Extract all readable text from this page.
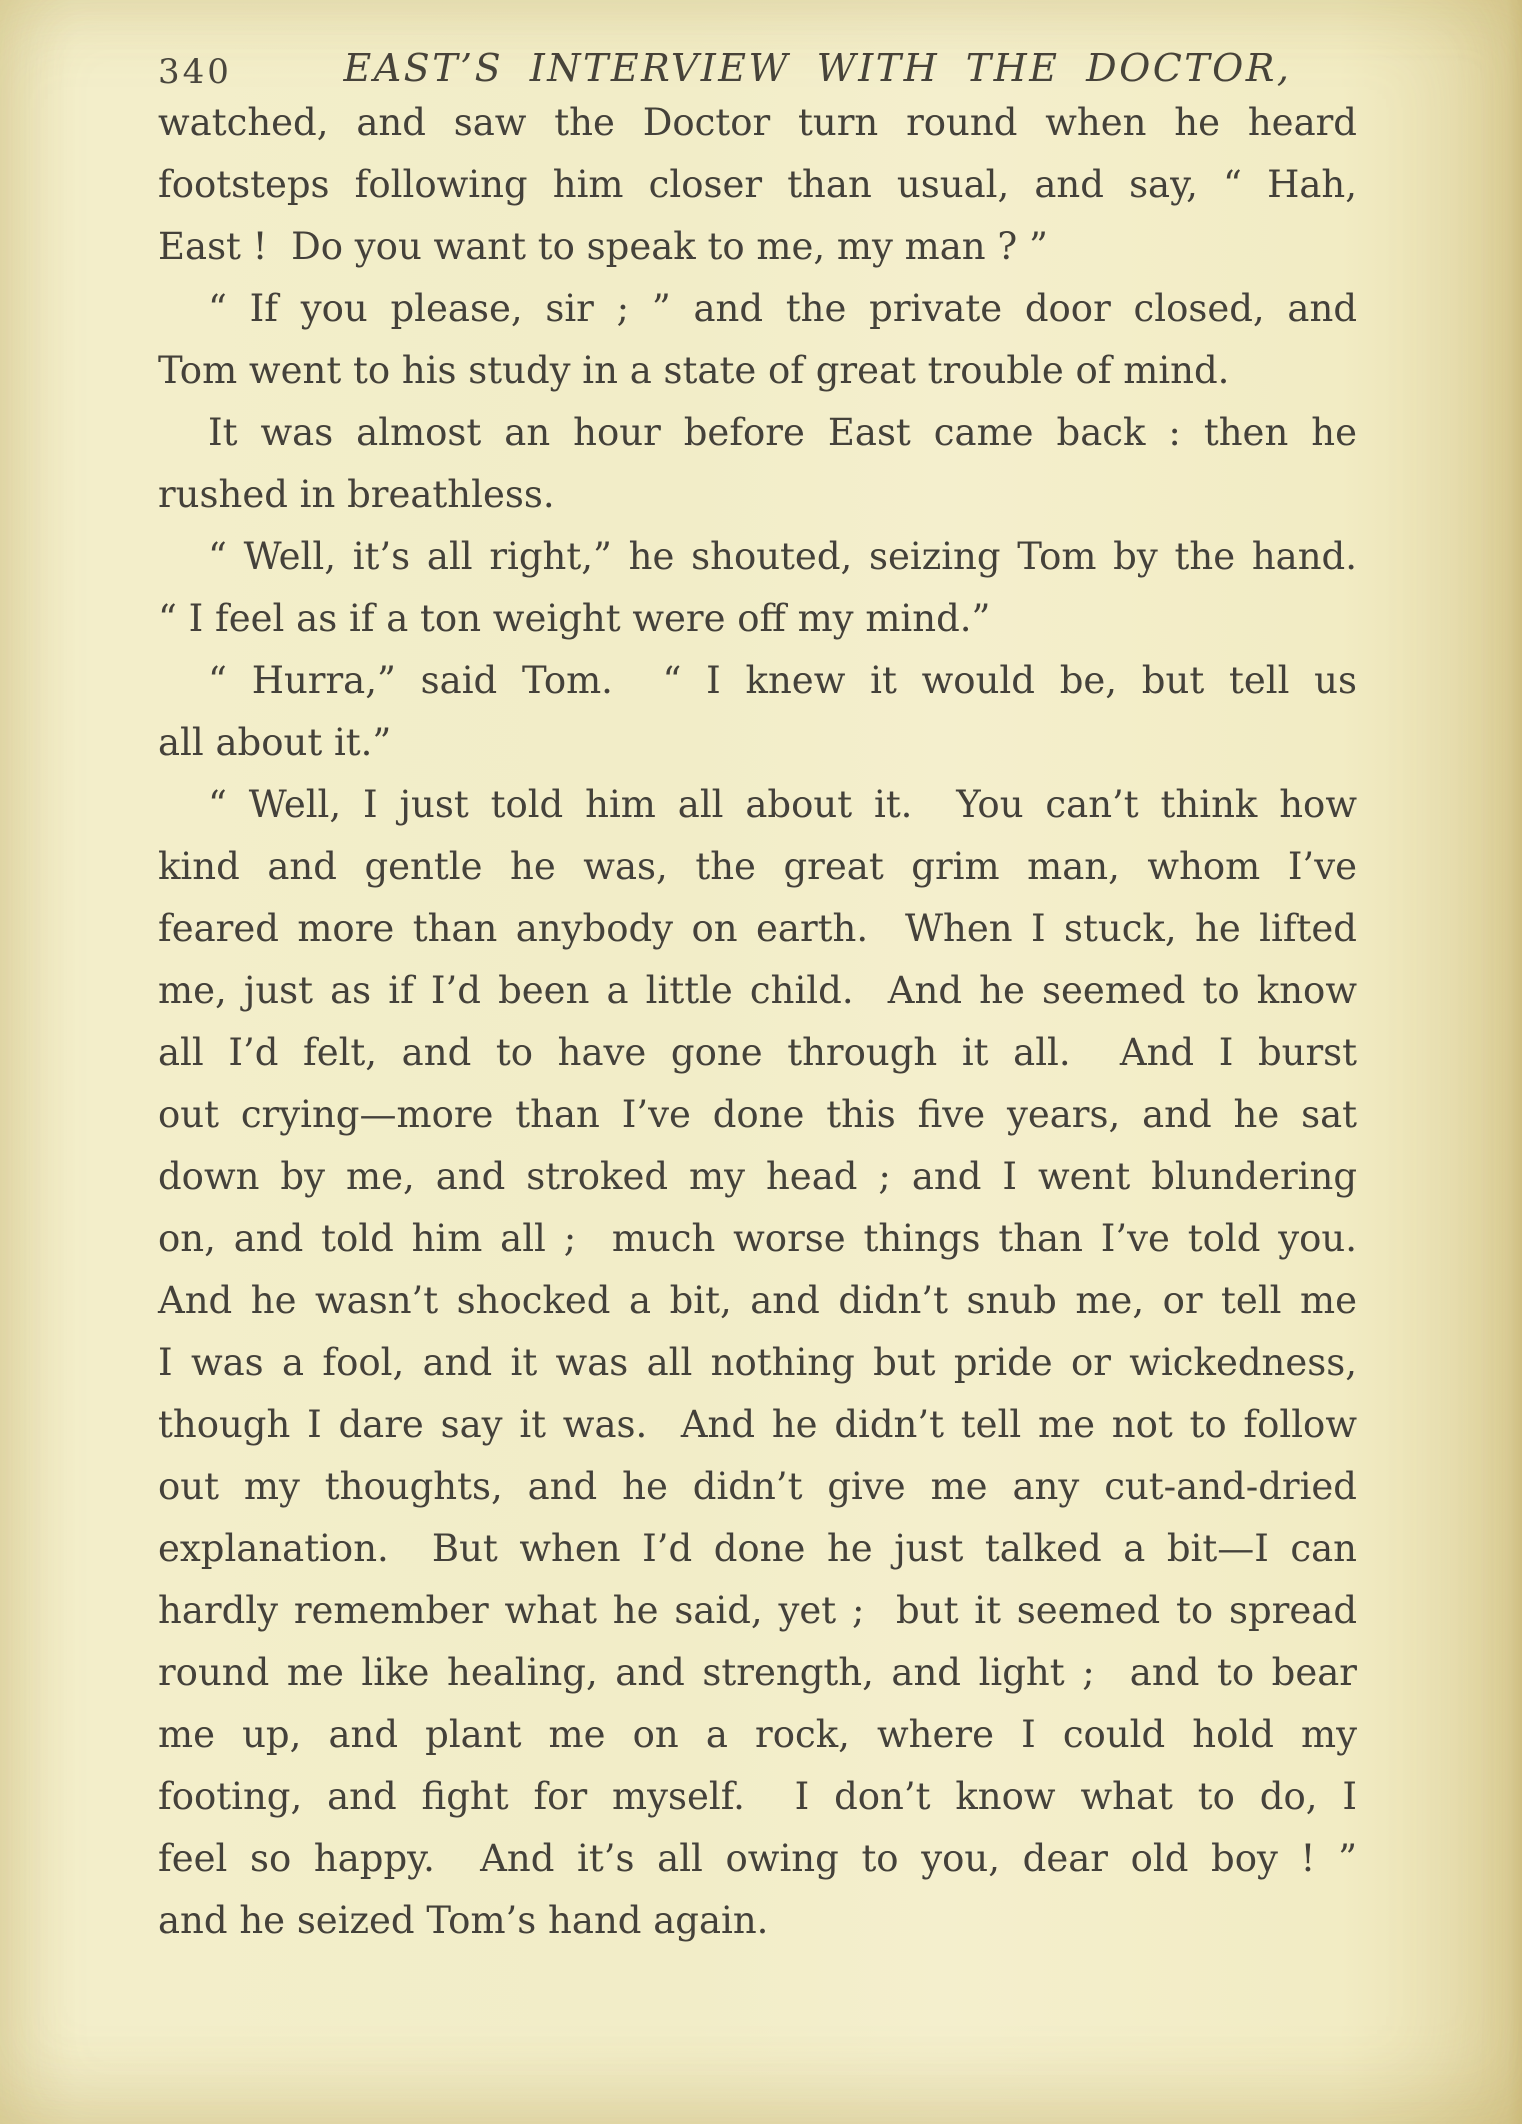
340	EAST’S INTERVIEW WITH THE DOCTOR,
watched, and saw the Doctor turn round when he heard
footsteps following him closer than usual, and say, “ Hah,
East !  Do you want to speak to me, my man ? ”
“ If you please, sir ; ” and the private door closed, and
Tom went to his study in a state of great trouble of mind.
It was almost an hour before East came back : then he
rushed in breathless.
“ Well, it’s all right,” he shouted, seizing Tom by the hand.
“ I feel as if a ton weight were off my mind.”
“ Hurra,” said Tom.  “ I knew it would be, but tell us
all about it.”
“ Well, I just told him all about it.  You can’t think how
kind and gentle he was, the great grim man, whom I’ve
feared more than anybody on earth.  When I stuck, he lifted
me, just as if I’d been a little child.  And he seemed to know
all I’d felt, and to have gone through it all.  And I burst
out crying—more than I’ve done this five years, and he sat
down by me, and stroked my head ; and I went blundering
on, and told him all ;  much worse things than I’ve told you.
And he wasn’t shocked a bit, and didn’t snub me, or tell me
I was a fool, and it was all nothing but pride or wickedness,
though I dare say it was.  And he didn’t tell me not to follow
out my thoughts, and he didn’t give me any cut-and-dried
explanation.  But when I’d done he just talked a bit—I can
hardly remember what he said, yet ;  but it seemed to spread
round me like healing, and strength, and light ;  and to bear
me up, and plant me on a rock, where I could hold my
footing, and fight for myself.  I don’t know what to do, I
feel so happy.  And it’s all owing to you, dear old boy ! ”
and he seized Tom’s hand again.
